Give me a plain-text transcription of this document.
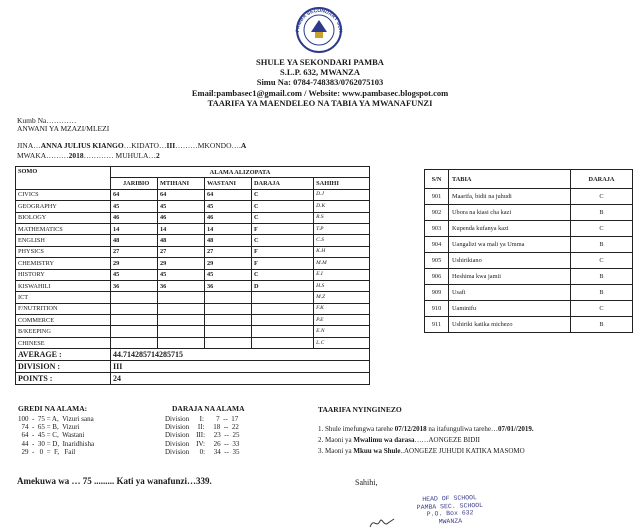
PAMBA SECONDARY SCH
SHULE YA SEKONDARI PAMBA
S.L.P. 632, MWANZA
Simu Na: 0784-748383/0762075103
Email:pambasec1@gmail.com / Website: www.pambasec.blogspot.com
TAARIFA YA MAENDELEO NA TABIA YA MWANAFUNZI
Kumb Na…………
ANWANI YA MZAZI/MLEZI
JINA…ANNA JULIUS KIANGO…KIDATO…III………MKONDO….A
MWAKA………2018………… MUHULA…2
SOMO	ALAMA ALIZOPATA				
	JARIBIO	MTIHANI	WASTANI	DARAJA	SAHIHI
CIVICS	64	64	64	C	D.J
GEOGRAPHY	45	45	45	C	D.K
BIOLOGY	46	46	46	C	R.S
MATHEMATICS	14	14	14	F	T.P
ENGLISH	48	48	48	C	C.S
PHYSICS	27	27	27	F	K.H
CHEMISTRY	29	29	29	F	M.M
HISTORY	45	45	45	C	E.I
KISWAHILI	36	36	36	D	H.S
ICT					M.Z
F/NUTRITION					F.K
COMMERCE					P.E
B/KEEPING					E.N
CHINESE					L.C
AVERAGE :	44.714285714285715				
DIVISION :	III				
POINTS :	24				
S/N	TABIA	DARAJA
901	Maarifa, bidii na juhudi	C
902	Ubora na kiasi cha kazi	B
903	Kupenda kufanya kazi	C
904	Uangalizi wa mali ya Umma	B
905	Ushirikiano	C
906	Heshima kwa jamii	B
909	Usafi	B
910	Uaminifu	C
911	Ushiriki katika michezo	B
GREDI NA ALAMA:
100  -  75 = A,  Vizuri sana
74  -  65 = B,  Vizuri
64  -  45 = C,  Wastani
44  -  30 = D,  Inaridhisha
29  -   0  =  F,   Fail
DARAJA NA ALAMA
Division      I:       7  --  17
Division     II:     18  --  22
Division    III:     23  --  25
Division    IV:     26  --  33
Division      0:     34  --  35
TAARIFA NYINGINEZO
1. Shule imefungwa tarehe 07/12/2018 na itafunguliwa tarehe…07/01//2019.
2. Maoni ya Mwalimu wa darasa……AONGEZE BIDII
3. Maoni ya Mkuu wa Shule..AONGEZE JUHUDI KATIKA MASOMO
Amekuwa wa … 75 ......... Kati ya wanafunzi…339.	Sahihi,
HEAD OF SCHOOL
PAMBA SEC. SCHOOL
P.O. Box 632
MWANZA
